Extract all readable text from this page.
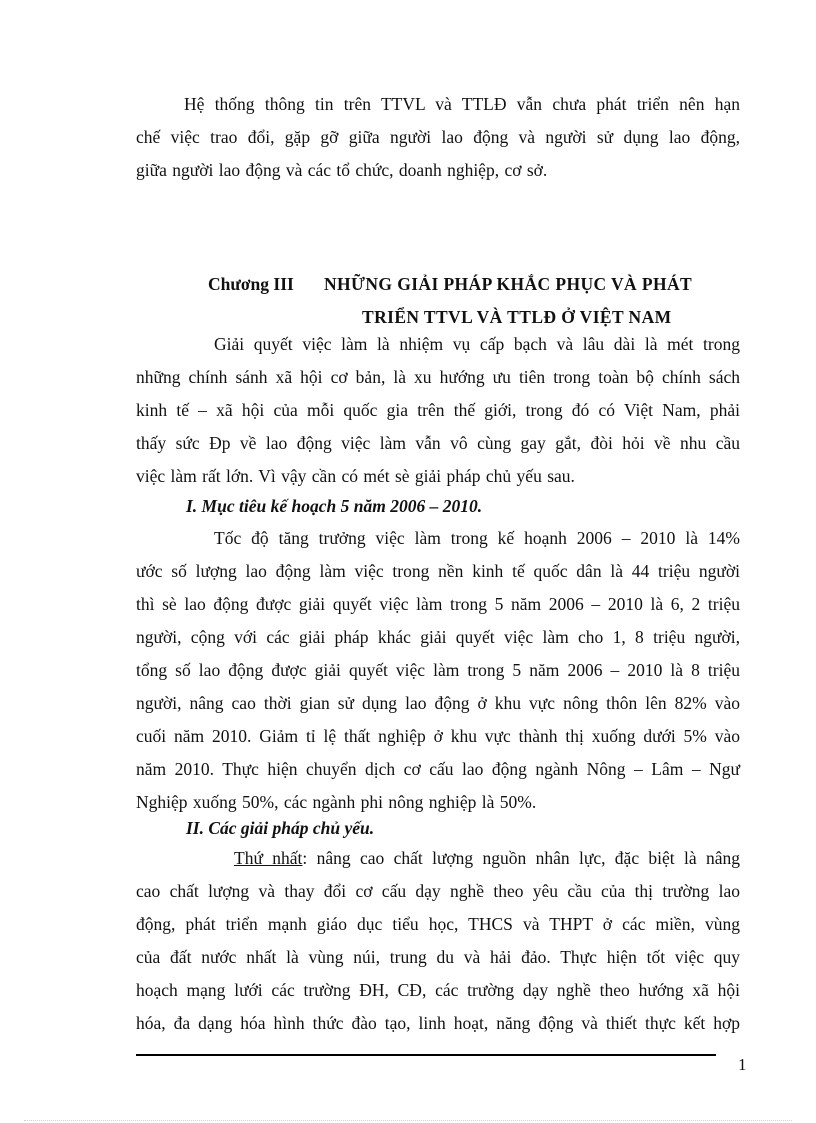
Hệ thống thông tin trên TTVL và TTLĐ vẫn chưa phát triển nên hạn
chế việc trao đổi, gặp gỡ giữa người lao động và người sử dụng lao động,
giữa người lao động và các tổ chức, doanh nghiệp, cơ sở.
Chương III NHỮNG GIẢI PHÁP KHẮC PHỤC VÀ PHÁT
TRIỂN TTVL VÀ TTLĐ Ở VIỆT NAM
Giải quyết việc làm là nhiệm vụ cấp bạch và lâu dài là mét trong
những chính sánh xã hội cơ bản, là xu hướng ưu tiên trong toàn bộ chính sách
kinh tế – xã hội của mỗi quốc gia trên thế giới, trong đó có Việt Nam, phải
thấy sức Ðp về lao động việc làm vẫn vô cùng gay gắt, đòi hỏi về nhu cầu
việc làm rất lớn. Vì vậy cần có mét sè giải pháp chủ yếu sau.
I. Mục tiêu kế hoạch 5 năm 2006 – 2010.
Tốc độ tăng trưởng việc làm trong kế hoạnh 2006 – 2010 là 14%
ước số lượng lao động làm việc trong nền kinh tế quốc dân là 44 triệu người
thì sè lao động được giải quyết việc làm trong 5 năm 2006 – 2010 là 6, 2 triệu
người, cộng với các giải pháp khác giải quyết việc làm cho 1, 8 triệu người,
tổng số lao động được giải quyết việc làm trong 5 năm 2006 – 2010 là 8 triệu
người, nâng cao thời gian sử dụng lao động ở khu vực nông thôn lên 82% vào
cuối năm 2010. Giảm tỉ lệ thất nghiệp ở khu vực thành thị xuống dưới 5% vào
năm 2010. Thực hiện chuyển dịch cơ cấu lao động ngành Nông – Lâm – Ngư
Nghiệp xuống 50%, các ngành phi nông nghiệp là 50%.
II. Các giải pháp chủ yếu.
Thứ nhất: nâng cao chất lượng nguồn nhân lực, đặc biệt là nâng
cao chất lượng và thay đổi cơ cấu dạy nghề theo yêu cầu của thị trường lao
động, phát triển mạnh giáo dục tiểu học, THCS và THPT ở các miền, vùng
của đất nước nhất là vùng núi, trung du và hải đảo. Thực hiện tốt việc quy
hoạch mạng lưới các trường ĐH, CĐ, các trường dạy nghề theo hướng xã hội
hóa, đa dạng hóa hình thức đào tạo, linh hoạt, năng động và thiết thực kết hợp
1
